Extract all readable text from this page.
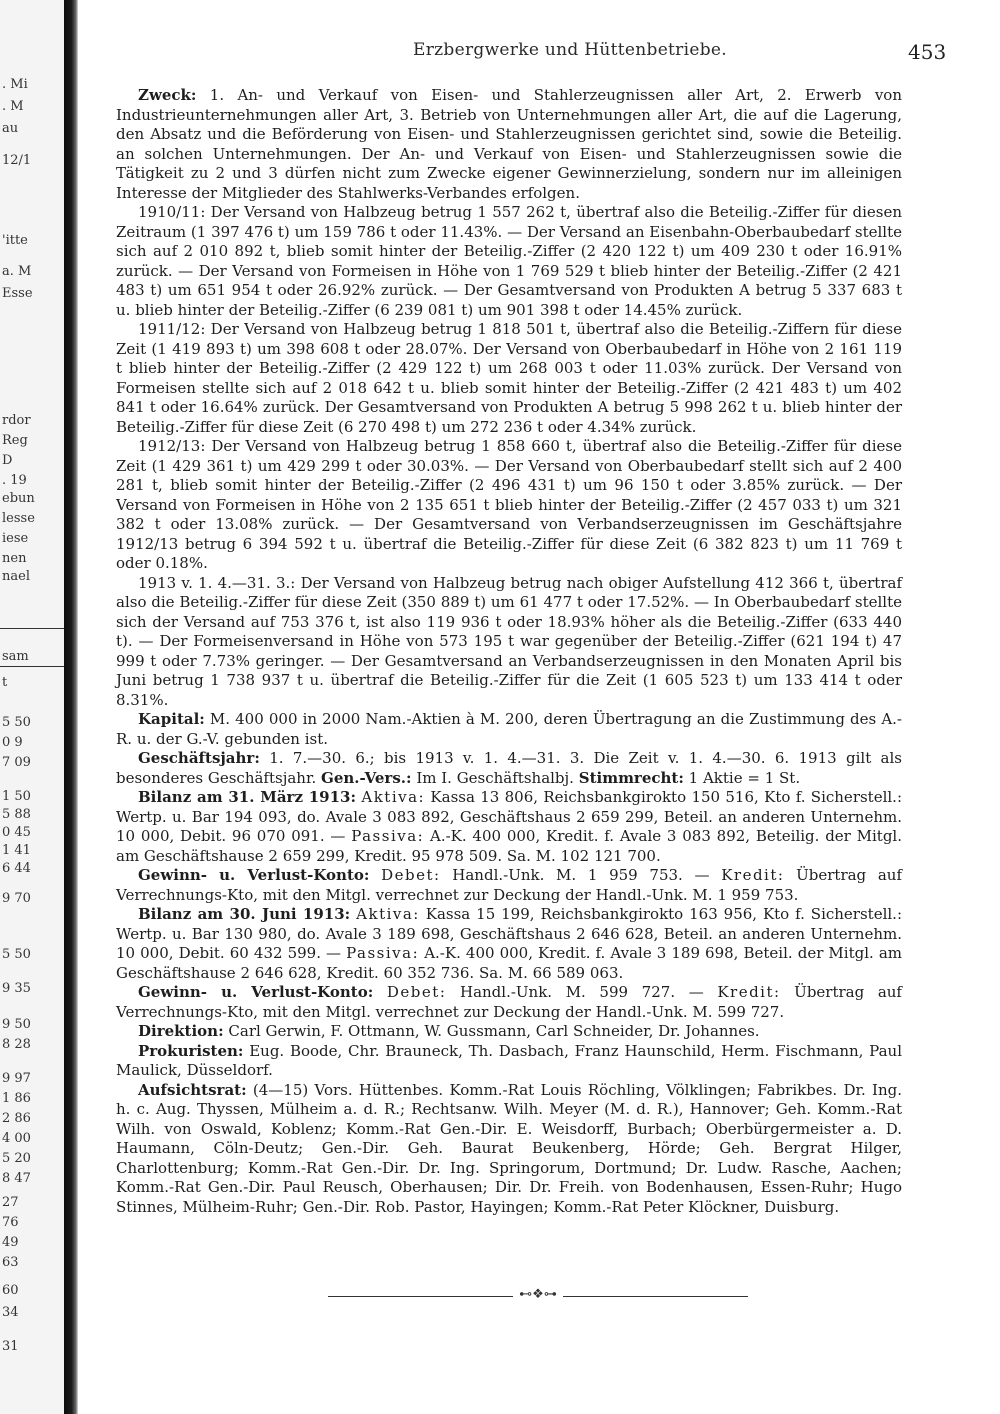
. Mi
. M
au
12/1
'itte
a. M
Esse
rdor
Reg
D
. 19
ebun
lesse
iese
nen
nael
sam
t
5 50
0 9
7 09
1 50
5 88
0 45
1 41
6 44
9 70
5 50
9 35
9 50
8 28
9 97
1 86
2 86
4 00
5 20
8 47
27
76
49
63
60
34
31
Erzbergwerke und Hüttenbetriebe.	453

Zweck: 1. An- und Verkauf von Eisen- und Stahlerzeugnissen aller Art, 2. Erwerb von Industrieunternehmungen aller Art, 3. Betrieb von Unternehmungen aller Art, die auf die Lagerung, den Absatz und die Beförderung von Eisen- und Stahlerzeugnissen gerichtet sind, sowie die Beteilig. an solchen Unternehmungen. Der An- und Verkauf von Eisen- und Stahlerzeugnissen sowie die Tätigkeit zu 2 und 3 dürfen nicht zum Zwecke eigener Gewinnerzielung, sondern nur im alleinigen Interesse der Mitglieder des Stahlwerks-Verbandes erfolgen.

1910/11: Der Versand von Halbzeug betrug 1 557 262 t, übertraf also die Beteilig.-Ziffer für diesen Zeitraum (1 397 476 t) um 159 786 t oder 11.43%. — Der Versand an Eisenbahn-Oberbaubedarf stellte sich auf 2 010 892 t, blieb somit hinter der Beteilig.-Ziffer (2 420 122 t) um 409 230 t oder 16.91% zurück. — Der Versand von Formeisen in Höhe von 1 769 529 t blieb hinter der Beteilig.-Ziffer (2 421 483 t) um 651 954 t oder 26.92% zurück. — Der Gesamtversand von Produkten A betrug 5 337 683 t u. blieb hinter der Beteilig.-Ziffer (6 239 081 t) um 901 398 t oder 14.45% zurück.

1911/12: Der Versand von Halbzeug betrug 1 818 501 t, übertraf also die Beteilig.-Ziffern für diese Zeit (1 419 893 t) um 398 608 t oder 28.07%. Der Versand von Oberbaubedarf in Höhe von 2 161 119 t blieb hinter der Beteilig.-Ziffer (2 429 122 t) um 268 003 t oder 11.03% zurück. Der Versand von Formeisen stellte sich auf 2 018 642 t u. blieb somit hinter der Beteilig.-Ziffer (2 421 483 t) um 402 841 t oder 16.64% zurück. Der Gesamtversand von Produkten A betrug 5 998 262 t u. blieb hinter der Beteilig.-Ziffer für diese Zeit (6 270 498 t) um 272 236 t oder 4.34% zurück.

1912/13: Der Versand von Halbzeug betrug 1 858 660 t, übertraf also die Beteilig.-Ziffer für diese Zeit (1 429 361 t) um 429 299 t oder 30.03%. — Der Versand von Oberbaubedarf stellt sich auf 2 400 281 t, blieb somit hinter der Beteilig.-Ziffer (2 496 431 t) um 96 150 t oder 3.85% zurück. — Der Versand von Formeisen in Höhe von 2 135 651 t blieb hinter der Beteilig.-Ziffer (2 457 033 t) um 321 382 t oder 13.08% zurück. — Der Gesamtversand von Verbandserzeugnissen im Geschäftsjahre 1912/13 betrug 6 394 592 t u. übertraf die Beteilig.-Ziffer für diese Zeit (6 382 823 t) um 11 769 t oder 0.18%.

1913 v. 1. 4.—31. 3.: Der Versand von Halbzeug betrug nach obiger Aufstellung 412 366 t, übertraf also die Beteilig.-Ziffer für diese Zeit (350 889 t) um 61 477 t oder 17.52%. — In Oberbaubedarf stellte sich der Versand auf 753 376 t, ist also 119 936 t oder 18.93% höher als die Beteilig.-Ziffer (633 440 t). — Der Formeisenversand in Höhe von 573 195 t war gegenüber der Beteilig.-Ziffer (621 194 t) 47 999 t oder 7.73% geringer. — Der Gesamtversand an Verbandserzeugnissen in den Monaten April bis Juni betrug 1 738 937 t u. übertraf die Beteilig.-Ziffer für die Zeit (1 605 523 t) um 133 414 t oder 8.31%.

Kapital: M. 400 000 in 2000 Nam.-Aktien à M. 200, deren Übertragung an die Zustimmung des A.-R. u. der G.-V. gebunden ist.

Geschäftsjahr: 1. 7.—30. 6.; bis 1913 v. 1. 4.—31. 3. Die Zeit v. 1. 4.—30. 6. 1913 gilt als besonderes Geschäftsjahr. Gen.-Vers.: Im I. Geschäftshalbj. Stimmrecht: 1 Aktie = 1 St.

Bilanz am 31. März 1913: Aktiva: Kassa 13 806, Reichsbankgirokto 150 516, Kto f. Sicherstell.: Wertp. u. Bar 194 093, do. Avale 3 083 892, Geschäftshaus 2 659 299, Beteil. an anderen Unternehm. 10 000, Debit. 96 070 091. — Passiva: A.-K. 400 000, Kredit. f. Avale 3 083 892, Beteilig. der Mitgl. am Geschäftshause 2 659 299, Kredit. 95 978 509. Sa. M. 102 121 700.

Gewinn- u. Verlust-Konto: Debet: Handl.-Unk. M. 1 959 753. — Kredit: Übertrag auf Verrechnungs-Kto, mit den Mitgl. verrechnet zur Deckung der Handl.-Unk. M. 1 959 753.

Bilanz am 30. Juni 1913: Aktiva: Kassa 15 199, Reichsbankgirokto 163 956, Kto f. Sicherstell.: Wertp. u. Bar 130 980, do. Avale 3 189 698, Geschäftshaus 2 646 628, Beteil. an anderen Unternehm. 10 000, Debit. 60 432 599. — Passiva: A.-K. 400 000, Kredit. f. Avale 3 189 698, Beteil. der Mitgl. am Geschäftshause 2 646 628, Kredit. 60 352 736. Sa. M. 66 589 063.

Gewinn- u. Verlust-Konto: Debet: Handl.-Unk. M. 599 727. — Kredit: Übertrag auf Verrechnungs-Kto, mit den Mitgl. verrechnet zur Deckung der Handl.-Unk. M. 599 727.

Direktion: Carl Gerwin, F. Ottmann, W. Gussmann, Carl Schneider, Dr. Johannes.

Prokuristen: Eug. Boode, Chr. Brauneck, Th. Dasbach, Franz Haunschild, Herm. Fischmann, Paul Maulick, Düsseldorf.

Aufsichtsrat: (4—15) Vors. Hüttenbes. Komm.-Rat Louis Röchling, Völklingen; Fabrikbes. Dr. Ing. h. c. Aug. Thyssen, Mülheim a. d. R.; Rechtsanw. Wilh. Meyer (M. d. R.), Hannover; Geh. Komm.-Rat Wilh. von Oswald, Koblenz; Komm.-Rat Gen.-Dir. E. Weisdorff, Burbach; Oberbürgermeister a. D. Haumann, Cöln-Deutz; Gen.-Dir. Geh. Baurat Beukenberg, Hörde; Geh. Bergrat Hilger, Charlottenburg; Komm.-Rat Gen.-Dir. Dr. Ing. Springorum, Dortmund; Dr. Ludw. Rasche, Aachen; Komm.-Rat Gen.-Dir. Paul Reusch, Oberhausen; Dir. Dr. Freih. von Bodenhausen, Essen-Ruhr; Hugo Stinnes, Mülheim-Ruhr; Gen.-Dir. Rob. Pastor, Hayingen; Komm.-Rat Peter Klöckner, Duisburg.

⊷❖⊶
